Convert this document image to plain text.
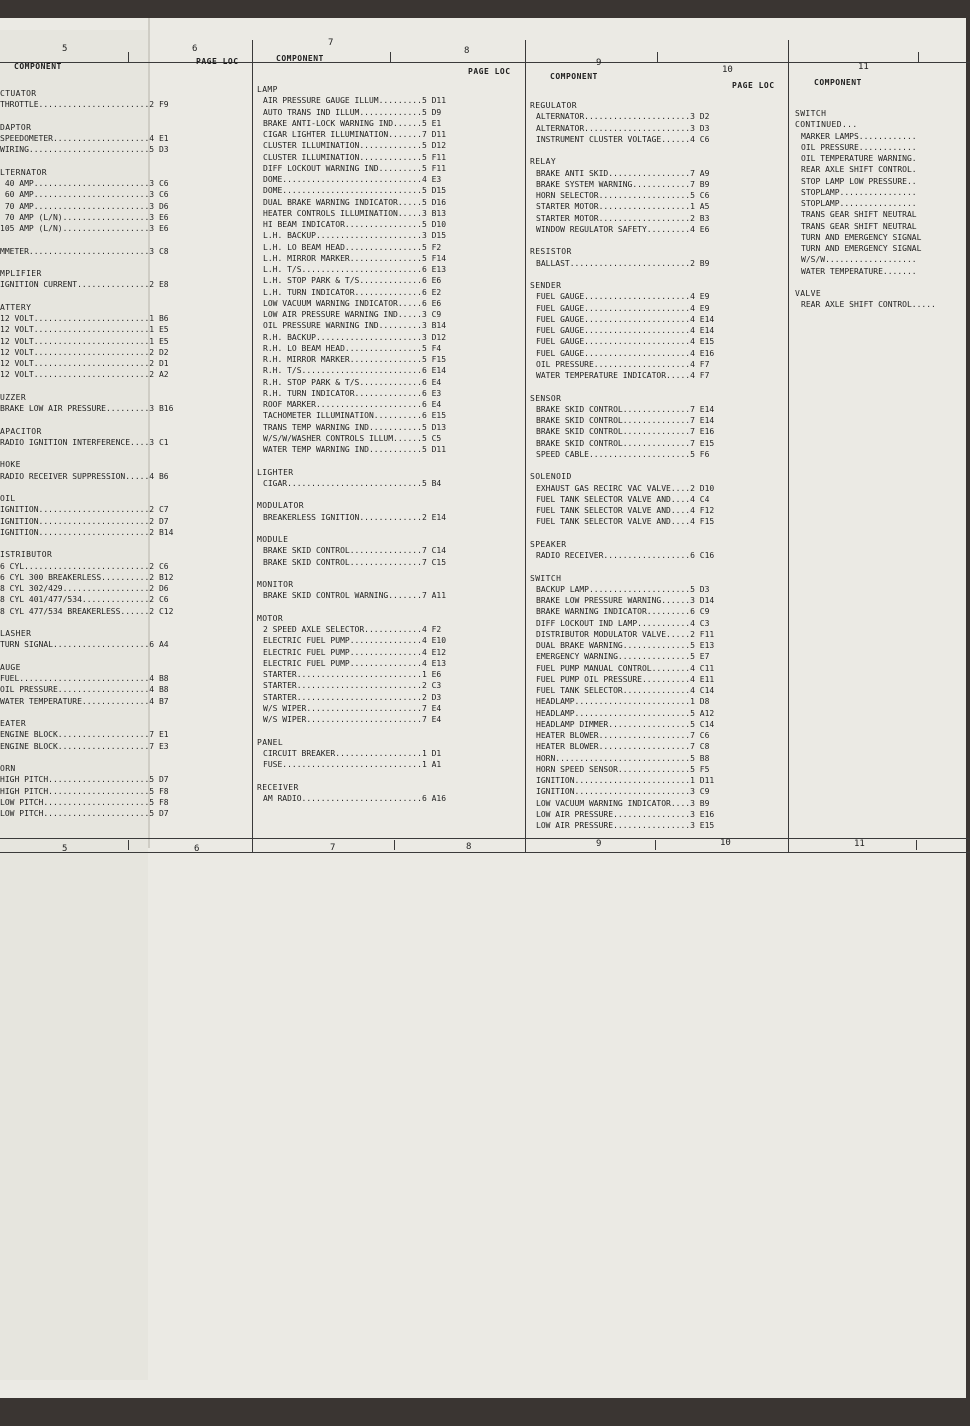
5	6
7
8
9
10	11
5	6	7	8	9	10	11
COMPONENT
PAGE LOC	COMPONENT
PAGE LOC
COMPONENT
PAGE LOC	COMPONENT
CTUATOR
THROTTLE.......................2 F9
DAPTOR
SPEEDOMETER....................4 E1
WIRING.........................5 D3
LTERNATOR
40 AMP........................3 C6
60 AMP........................3 C6
70 AMP........................3 D6
70 AMP (L/N)..................3 E6
105 AMP (L/N)..................3 E6
MMETER.........................3 C8
MPLIFIER
IGNITION CURRENT...............2 E8
ATTERY
12 VOLT........................1 B6
12 VOLT........................1 E5
12 VOLT........................1 E5
12 VOLT........................2 D2
12 VOLT........................2 D1
12 VOLT........................2 A2
UZZER
BRAKE LOW AIR PRESSURE.........3 B16
APACITOR
RADIO IGNITION INTERFERENCE....3 C1
HOKE
RADIO RECEIVER SUPPRESSION.....4 B6
OIL
IGNITION.......................2 C7
IGNITION.......................2 D7
IGNITION.......................2 B14
ISTRIBUTOR
6 CYL..........................2 C6
6 CYL 300 BREAKERLESS..........2 B12
8 CYL 302/429..................2 D6
8 CYL 401/477/534..............2 C6
8 CYL 477/534 BREAKERLESS......2 C12
LASHER
TURN SIGNAL....................6 A4
AUGE
FUEL...........................4 B8
OIL PRESSURE...................4 B8
WATER TEMPERATURE..............4 B7
EATER
ENGINE BLOCK...................7 E1
ENGINE BLOCK...................7 E3
ORN
HIGH PITCH.....................5 D7
HIGH PITCH.....................5 F8
LOW PITCH......................5 F8
LOW PITCH......................5 D7
LAMP
AIR PRESSURE GAUGE ILLUM.........5 D11
AUTO TRANS IND ILLUM.............5 D9
BRAKE ANTI-LOCK WARNING IND......5 E1
CIGAR LIGHTER ILLUMINATION.......7 D11
CLUSTER ILLUMINATION.............5 D12
CLUSTER ILLUMINATION.............5 F11
DIFF LOCKOUT WARNING IND.........5 F11
DOME.............................4 E3
DOME.............................5 D15
DUAL BRAKE WARNING INDICATOR.....5 D16
HEATER CONTROLS ILLUMINATION.....3 B13
HI BEAM INDICATOR................5 D10
L.H. BACKUP......................3 D15
L.H. LO BEAM HEAD................5 F2
L.H. MIRROR MARKER...............5 F14
L.H. T/S.........................6 E13
L.H. STOP PARK & T/S.............6 E6
L.H. TURN INDICATOR..............6 E2
LOW VACUUM WARNING INDICATOR.....6 E6
LOW AIR PRESSURE WARNING IND.....3 C9
OIL PRESSURE WARNING IND.........3 B14
R.H. BACKUP......................3 D12
R.H. LO BEAM HEAD................5 F4
R.H. MIRROR MARKER...............5 F15
R.H. T/S.........................6 E14
R.H. STOP PARK & T/S.............6 E4
R.H. TURN INDICATOR..............6 E3
ROOF MARKER......................6 E4
TACHOMETER ILLUMINATION..........6 E15
TRANS TEMP WARNING IND...........5 D13
W/S/W/WASHER CONTROLS ILLUM......5 C5
WATER TEMP WARNING IND...........5 D11
LIGHTER
CIGAR............................5 B4
MODULATOR
BREAKERLESS IGNITION.............2 E14
MODULE
BRAKE SKID CONTROL...............7 C14
BRAKE SKID CONTROL...............7 C15
MONITOR
BRAKE SKID CONTROL WARNING.......7 A11
MOTOR
2 SPEED AXLE SELECTOR............4 F2
ELECTRIC FUEL PUMP...............4 E10
ELECTRIC FUEL PUMP...............4 E12
ELECTRIC FUEL PUMP...............4 E13
STARTER..........................1 E6
STARTER..........................2 C3
STARTER..........................2 D3
W/S WIPER........................7 E4
W/S WIPER........................7 E4
PANEL
CIRCUIT BREAKER..................1 D1
FUSE.............................1 A1
RECEIVER
AM RADIO.........................6 A16
REGULATOR
ALTERNATOR......................3 D2
ALTERNATOR......................3 D3
INSTRUMENT CLUSTER VOLTAGE......4 C6
RELAY
BRAKE ANTI SKID.................7 A9
BRAKE SYSTEM WARNING............7 B9
HORN SELECTOR...................5 C6
STARTER MOTOR...................1 A5
STARTER MOTOR...................2 B3
WINDOW REGULATOR SAFETY.........4 E6
RESISTOR
BALLAST.........................2 B9
SENDER
FUEL GAUGE......................4 E9
FUEL GAUGE......................4 E9
FUEL GAUGE......................4 E14
FUEL GAUGE......................4 E14
FUEL GAUGE......................4 E15
FUEL GAUGE......................4 E16
OIL PRESSURE....................4 F7
WATER TEMPERATURE INDICATOR.....4 F7
SENSOR
BRAKE SKID CONTROL..............7 E14
BRAKE SKID CONTROL..............7 E14
BRAKE SKID CONTROL..............7 E16
BRAKE SKID CONTROL..............7 E15
SPEED CABLE.....................5 F6
SOLENOID
EXHAUST GAS RECIRC VAC VALVE....2 D10
FUEL TANK SELECTOR VALVE AND....4 C4
FUEL TANK SELECTOR VALVE AND....4 F12
FUEL TANK SELECTOR VALVE AND....4 F15
SPEAKER
RADIO RECEIVER..................6 C16
SWITCH
BACKUP LAMP.....................5 D3
BRAKE LOW PRESSURE WARNING......3 D14
BRAKE WARNING INDICATOR.........6 C9
DIFF LOCKOUT IND LAMP...........4 C3
DISTRIBUTOR MODULATOR VALVE.....2 F11
DUAL BRAKE WARNING..............5 E13
EMERGENCY WARNING...............5 E7
FUEL PUMP MANUAL CONTROL........4 C11
FUEL PUMP OIL PRESSURE..........4 E11
FUEL TANK SELECTOR..............4 C14
HEADLAMP........................1 D8
HEADLAMP........................5 A12
HEADLAMP DIMMER.................5 C14
HEATER BLOWER...................7 C6
HEATER BLOWER...................7 C8
HORN............................5 B8
HORN SPEED SENSOR...............5 F5
IGNITION........................1 D11
IGNITION........................3 C9
LOW VACUUM WARNING INDICATOR....3 B9
LOW AIR PRESSURE................3 E16
LOW AIR PRESSURE................3 E15
SWITCH
CONTINUED...
MARKER LAMPS............
OIL PRESSURE............
OIL TEMPERATURE WARNING.
REAR AXLE SHIFT CONTROL.
STOP LAMP LOW PRESSURE..
STOPLAMP................
STOPLAMP................
TRANS GEAR SHIFT NEUTRAL
TRANS GEAR SHIFT NEUTRAL
TURN AND EMERGENCY SIGNAL
TURN AND EMERGENCY SIGNAL
W/S/W...................
WATER TEMPERATURE.......
VALVE
REAR AXLE SHIFT CONTROL.....
